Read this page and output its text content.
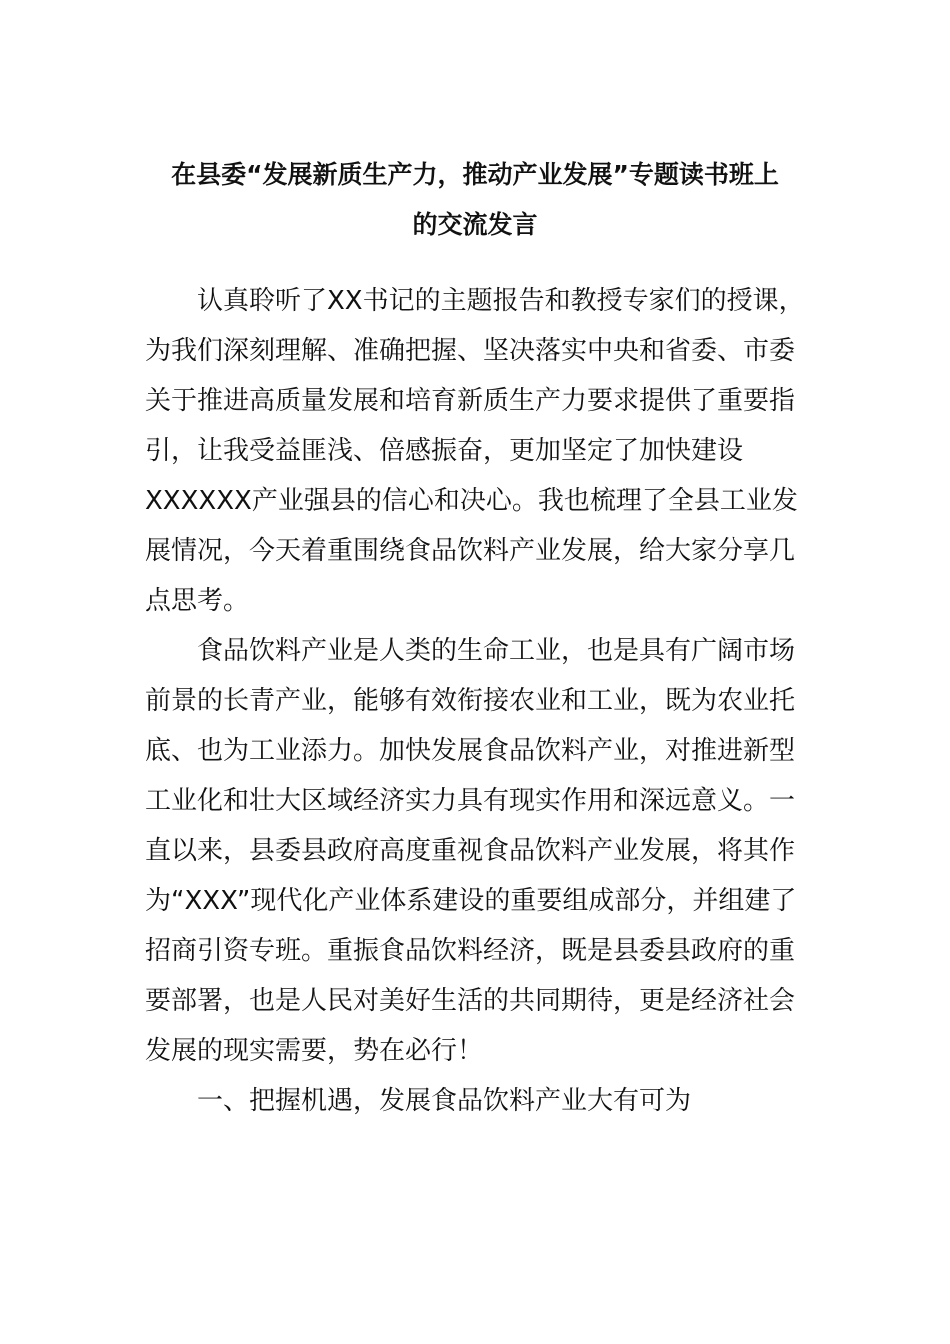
在县委“发展新质生产力，推动产业发展”专题读书班上
的交流发言
认真聆听了XX书记的主题报告和教授专家们的授课，
为我们深刻理解、准确把握、坚决落实中央和省委、市委
关于推进高质量发展和培育新质生产力要求提供了重要指
引，让我受益匪浅、倍感振奋，更加坚定了加快建设
XXXXXX产业强县的信心和决心。我也梳理了全县工业发
展情况，今天着重围绕食品饮料产业发展，给大家分享几
点思考。
食品饮料产业是人类的生命工业，也是具有广阔市场
前景的长青产业，能够有效衔接农业和工业，既为农业托
底、也为工业添力。加快发展食品饮料产业，对推进新型
工业化和壮大区域经济实力具有现实作用和深远意义。一
直以来，县委县政府高度重视食品饮料产业发展，将其作
为“XXX”现代化产业体系建设的重要组成部分，并组建了
招商引资专班。重振食品饮料经济，既是县委县政府的重
要部署，也是人民对美好生活的共同期待，更是经济社会
发展的现实需要，势在必行！
一、把握机遇，发展食品饮料产业大有可为
